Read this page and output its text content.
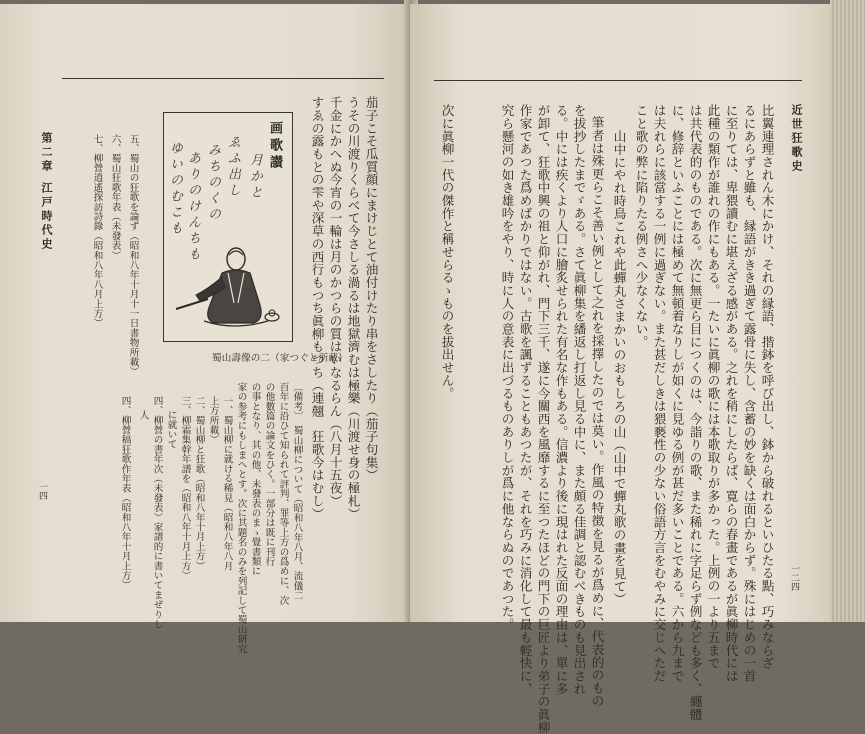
第二章
江戸時代史
一四
五、蜀山の狂歌を論ず（昭和八年十月十一日書物所載）
六、蜀山狂歌年表（未發表）
七、柳營逍遙探訪詩錄（昭和八年八月上方）	画歌讃
月かと
ゑふ出し
みちのくの
ありのけんちも
ゆいのむこも
蜀山壽像の二（家つぐと所藏） 茄子こそ瓜質顔にまけじとて油付けたり串をさしたり（茄子句集）
うその川渡りくらべて今さしる渦るは地獄濟むは極樂（川渡せ身の極札）
千金にかへぬ今宵の一輪は月のかつらの質はいなるらん（八月十五夜）
すゑの露もとの雫や深草の西行もつち眞柳もつち（連翹　狂歌今はむし）
〔備考〕　蜀山柳について（昭和八年八月、流儀二
百年に沿ひて知られて評判、罪等上方の爲めに、次
の他數篇の論文をひく。一部分は既に刊行
の事となり、其の他、未發表のまゝ覺書類に
家の参考にもしまへとす。次に其題名のみを列記して蜀山研究
一、蜀山柳に就ける稀見（昭和八年八月
上方所載）
二、蜀山柳と狂歌（昭和八年十月上方）
三、柳霜集幹年譜を（昭和八年十月上方）
に就いて
四、柳營の書年次（未發表）家譜的に書いてまぜりし
人
四、柳營稿狂歌作年表（昭和八年十月上方）
近世狂歌史
一二四
比翼連理されん木にかけ、それの縁語、揩鉢を呼び出し、鉢から破れるといひたる點、巧みならざ
るにあらずと雖も、縁語がきき過ぎて露骨に失し、含蓄の妙を缺くは面白からず。殊にはじめの一首
に至りては、卑猥讀むに堪えざる感がある。之れを稍にしたらば、寛らの春畫であるが眞柳時代には
此種の類作が誰れの作にもある。一たいに眞柳の歌には本歌取りが多かった。上例の一より五まで
は共代表的のものである。次に無更ら目につくのは、今詣りの歌、また稀れに字足らず例なども多く、纏體
に、修辞といふことには極めて無頓着なりしが如くに見ゆる例が甚だ多いことである。六から九まで
は夫れらに該當する一例に過ぎない。また甚だしきは猥褻性の少ない俗語方言をむやみに交じへただ
こと歌の弊に陷りたる例さへ少なくない。
山中にやれ時鳥これや此蟬丸さまかいのおもしろの山（山中で蟬丸歌の畫を見て）
筆者は殊更らこそ善い例として之れを採擇したのでは莫い。作風の特徴を見るが爲めに、代表的のもの
を拔抄したまでゞある。さて眞柳集を繙返し打返し見る中に、また頗る佳調と認むべきものも見出され
る。中には疾くより人口に膾炙せられた有名な作もある。信濃より後に現はれた反面の理由は、單に多
が卸て、狂歌中興の祖と仰がれ、門下三千、遂に今關西を風靡するに至つたほどの門下の巨匠より弟子の眞柳
作家であつた爲めばかりではない。古歌を諷ずることもあつたが、それを巧みに消化して最も輕快に、
究ら懸河の如き雄吟をやり、時に人の意表に出づるものありしが爲に他ならぬのであつた。
次に眞柳一代の傑作と稱せらるゝものを拔出せん。
